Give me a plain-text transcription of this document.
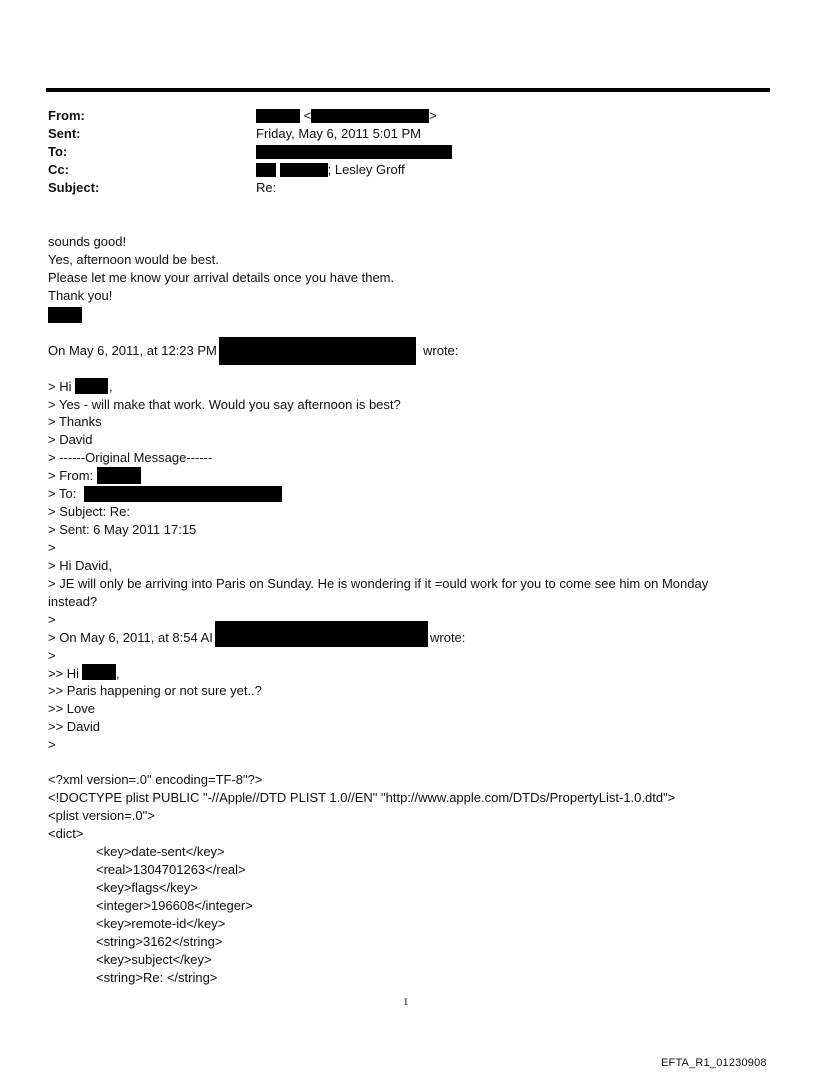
From:	<	>
Sent:	Friday, May 6, 2011 5:01 PM
To:
Cc:	; Lesley Groff
Subject:	Re:
sounds good!
Yes, afternoon would be best.
Please let me know your arrival details once you have them.
Thank you!
On May 6, 2011, at 12:23 PM	wrote:
> Hi	,
> Yes - will make that work. Would you say afternoon is best?
> Thanks
> David
> ------Original Message------
> From:
> To:
> Subject: Re:
> Sent: 6 May 2011 17:15
>
> Hi David,
> JE will only be arriving into Paris on Sunday. He is wondering if it =ould work for you to come see him on Monday
instead?
>
> On May 6, 2011, at 8:54 AI	wrote:
>
>> Hi	,
>> Paris happening or not sure yet..?
>> Love
>> David
>
<?xml version=.0" encoding=TF-8"?>
<!DOCTYPE plist PUBLIC "-//Apple//DTD PLIST 1.0//EN" "http://www.apple.com/DTDs/PropertyList-1.0.dtd">
<plist version=.0">
<dict>
<key>date-sent</key>
<real>1304701263</real>
<key>flags</key>
<integer>196608</integer>
<key>remote-id</key>
<string>3162</string>
<key>subject</key>
<string>Re: </string>
1
EFTA_R1_01230908
